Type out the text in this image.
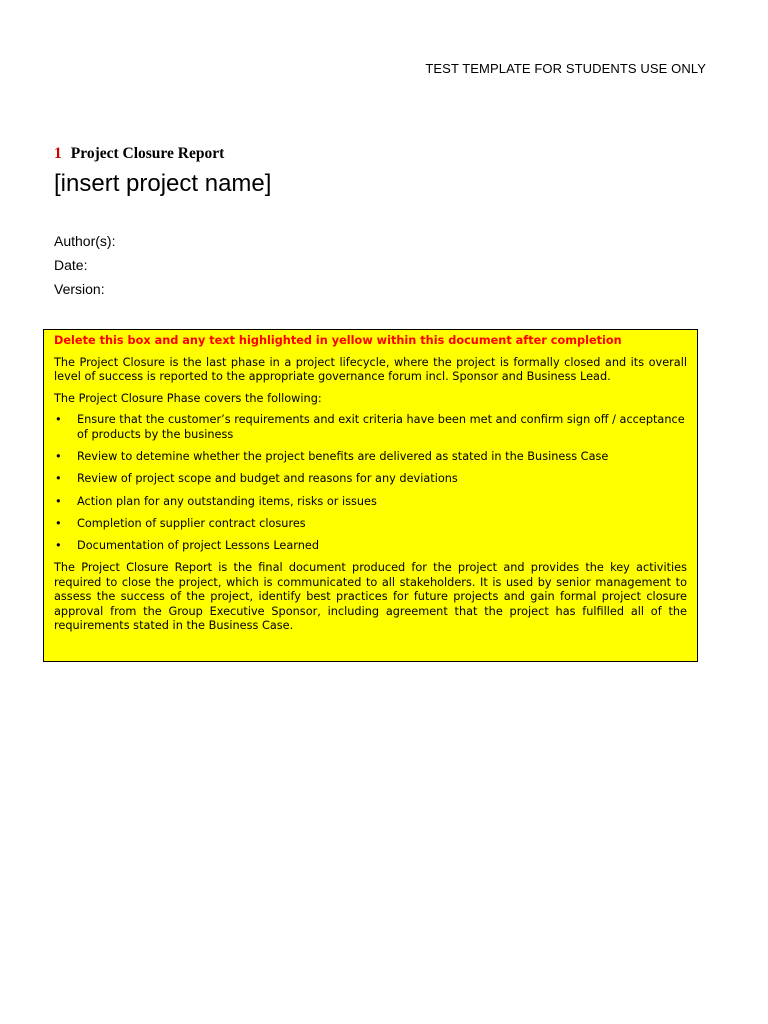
TEST TEMPLATE FOR STUDENTS USE ONLY
1 Project Closure Report
[insert project name]
Author(s):
Date:
Version:
Delete this box and any text highlighted in yellow within this document after completion

The Project Closure is the last phase in a project lifecycle, where the project is formally closed and its overall level of success is reported to the appropriate governance forum incl. Sponsor and Business Lead.

The Project Closure Phase covers the following:

• Ensure that the customer’s requirements and exit criteria have been met and confirm sign off / acceptance of products by the business
• Review to detemine whether the project benefits are delivered as stated in the Business Case
• Review of project scope and budget and reasons for any deviations
• Action plan for any outstanding items, risks or issues
• Completion of supplier contract closures
• Documentation of project Lessons Learned

The Project Closure Report is the final document produced for the project and provides the key activities required to close the project, which is communicated to all stakeholders. It is used by senior management to assess the success of the project, identify best practices for future projects and gain formal project closure approval from the Group Executive Sponsor, including agreement that the project has fulfilled all of the requirements stated in the Business Case.
